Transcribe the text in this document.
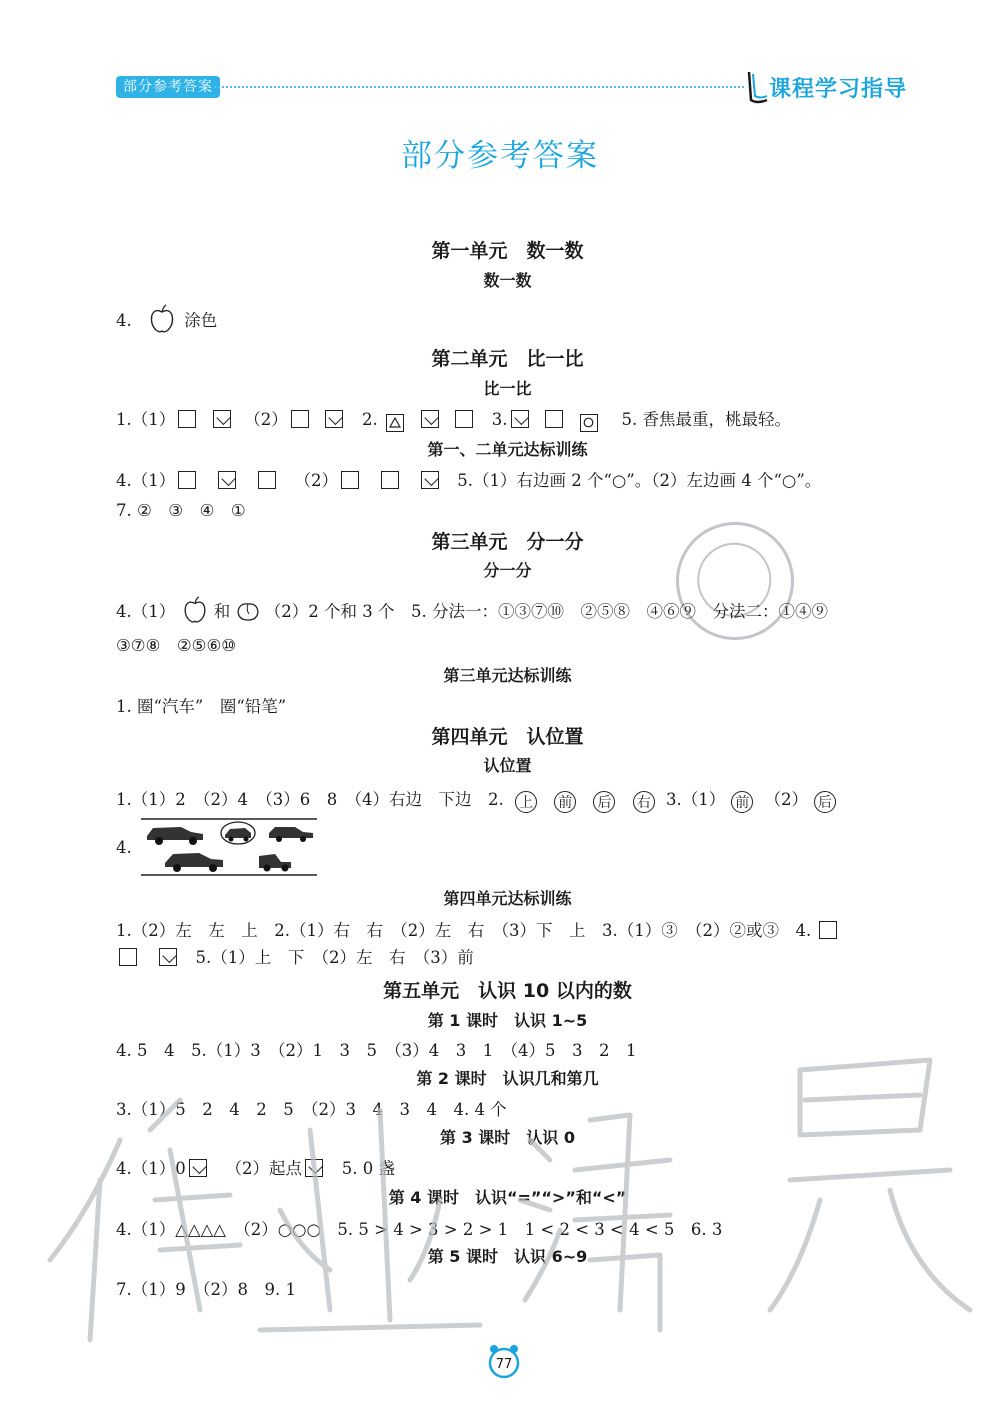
部分参考答案	课程学习指导
部分参考答案
第一单元　数一数
数一数
4.	涂色
第二单元　比一比
比一比
1.（1）	（2）	2.	3.	5. 香焦最重，桃最轻。
第一、二单元达标训练
4.（1）	（2）	5.（1）右边画 2 个“○”。（2）左边画 4 个“○”。
7. ②　③　④　①
第三单元　分一分
分一分
4.（1） 和 （2）2 个和 3 个　5. 分法一：①③⑦⑩　②⑤⑧　④⑥⑨　分法二：①④⑨
③⑦⑧　②⑤⑥⑩
第三单元达标训练
1. 圈“汽车”　圈“铅笔”
第四单元　认位置
认位置
1.（1）2　（2）4　（3）6　8　（4）右边　下边　2. 上 前 后 右 3.（1） 前 （2） 后
4.
第四单元达标训练
1.（2）左　左　上　2.（1）右　右　（2）左　右　（3）下　上　3.（1）③　（2）②或③　4.
5.（1）上　下　（2）左　右　（3）前
第五单元　认识 10 以内的数
第 1 课时　认识 1~5
4. 5　4　5.（1）3　（2）1　3　5　（3）4　3　1　（4）5　3　2　1
第 2 课时　认识几和第几
3.（1）5　2　4　2　5　（2）3　4　3　4　4. 4 个
第 3 课时　认识 0
4.（1）0 （2）起点 5. 0 盏
第 4 课时　认识“=”“>”和“<”
4.（1）△△△△　（2）○○○　5. 5 > 4 > 3 > 2 > 1　1 < 2 < 3 < 4 < 5　6. 3
第 5 课时　认识 6~9
7.（1）9　（2）8　9. 1
77
